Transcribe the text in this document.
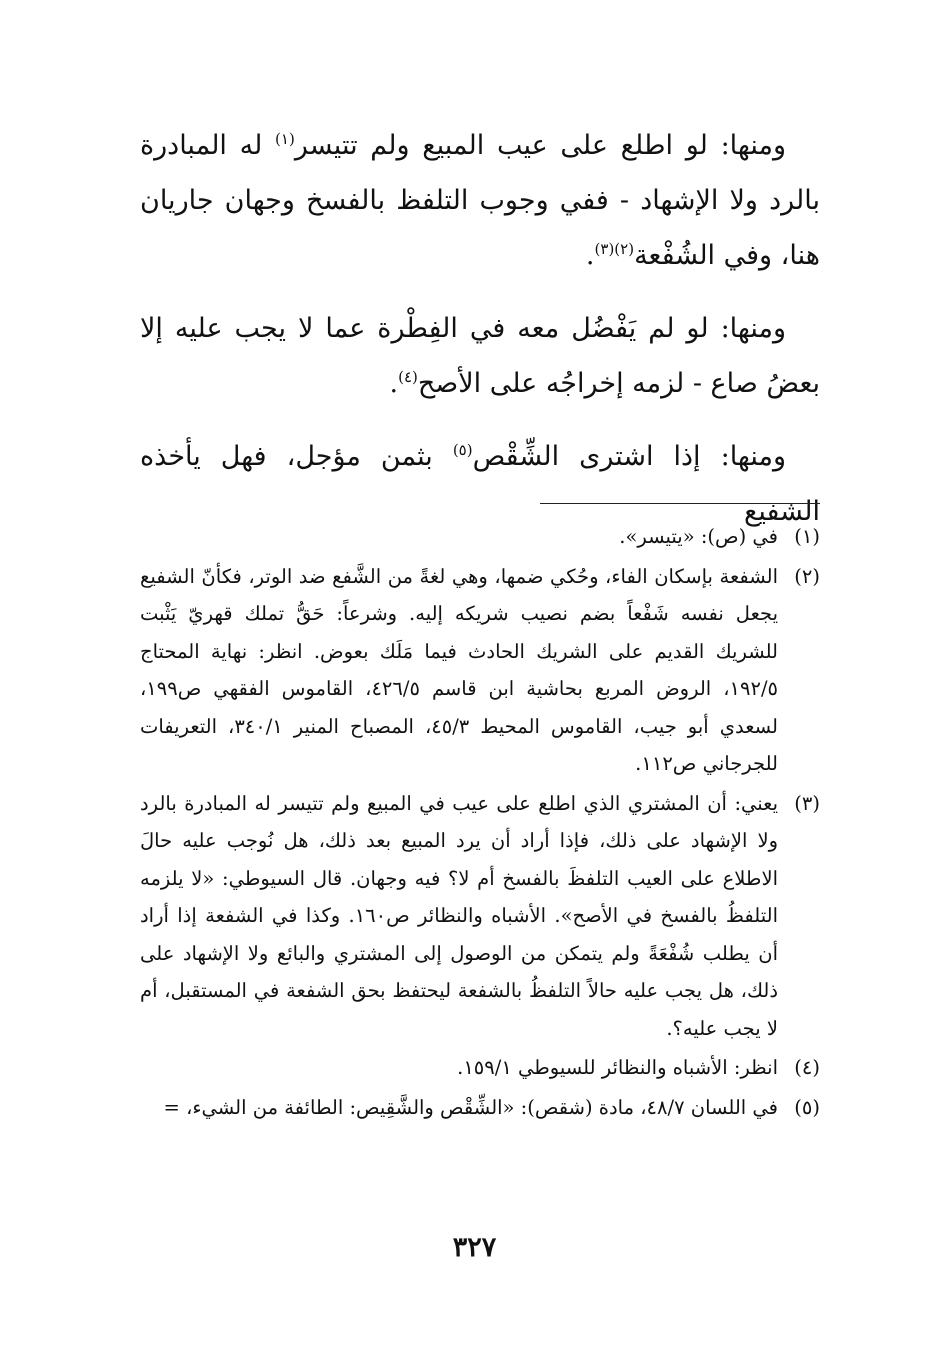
ومنها: لو اطلع على عيب المبيع ولم تتيسر$^{(١)}$ له المبادرة بالرد ولا الإشهاد - ففي وجوب التلفظ بالفسخ وجهان جاريان هنا، وفي الشُفْعة$^{(٢)(٣)}$.

ومنها: لو لم يَفْضُل معه في الفِطْرة عما لا يجب عليه إلا بعضُ صاع - لزمه إخراجُه على الأصح$^{(٤)}$.

ومنها: إذا اشترى الشِّقْص$^{(٥)}$ بثمن مؤجل، فهل يأخذه الشفيع

(١)
في (ص): «يتيسر».

(٢)
الشفعة بإسكان الفاء، وحُكي ضمها، وهي لغةً من الشَّفع ضد الوتر، فكأنّ الشفيع يجعل نفسه شَفْعاً بضم نصيب شريكه إليه. وشرعاً: حَقُّ تملك قهريّ يَثْبت للشريك القديم على الشريك الحادث فيما مَلَك بعوض. انظر: نهاية المحتاج ١٩٢/٥، الروض المربع بحاشية ابن قاسم ٤٢٦/٥، القاموس الفقهي ص١٩٩، لسعدي أبو جيب، القاموس المحيط ٤٥/٣، المصباح المنير ٣٤٠/١، التعريفات للجرجاني ص١١٢.

(٣)
يعني: أن المشتري الذي اطلع على عيب في المبيع ولم تتيسر له المبادرة بالرد ولا الإشهاد على ذلك، فإذا أراد أن يرد المبيع بعد ذلك، هل نُوجب عليه حالَ الاطلاع على العيب التلفظَ بالفسخ أم لا؟ فيه وجهان. قال السيوطي: «لا يلزمه التلفظُ بالفسخ في الأصح». الأشباه والنظائر ص١٦٠. وكذا في الشفعة إذا أراد أن يطلب شُفْعَةً ولم يتمكن من الوصول إلى المشتري والبائع ولا الإشهاد على ذلك، هل يجب عليه حالاً التلفظُ بالشفعة ليحتفظ بحق الشفعة في المستقبل، أم لا يجب عليه؟.

(٤)
انظر: الأشباه والنظائر للسيوطي ١٥٩/١.

(٥)
في اللسان ٤٨/٧، مادة (شقص): «الشِّقْص والشَّقِيص: الطائفة من الشيء، =

٣٢٧
